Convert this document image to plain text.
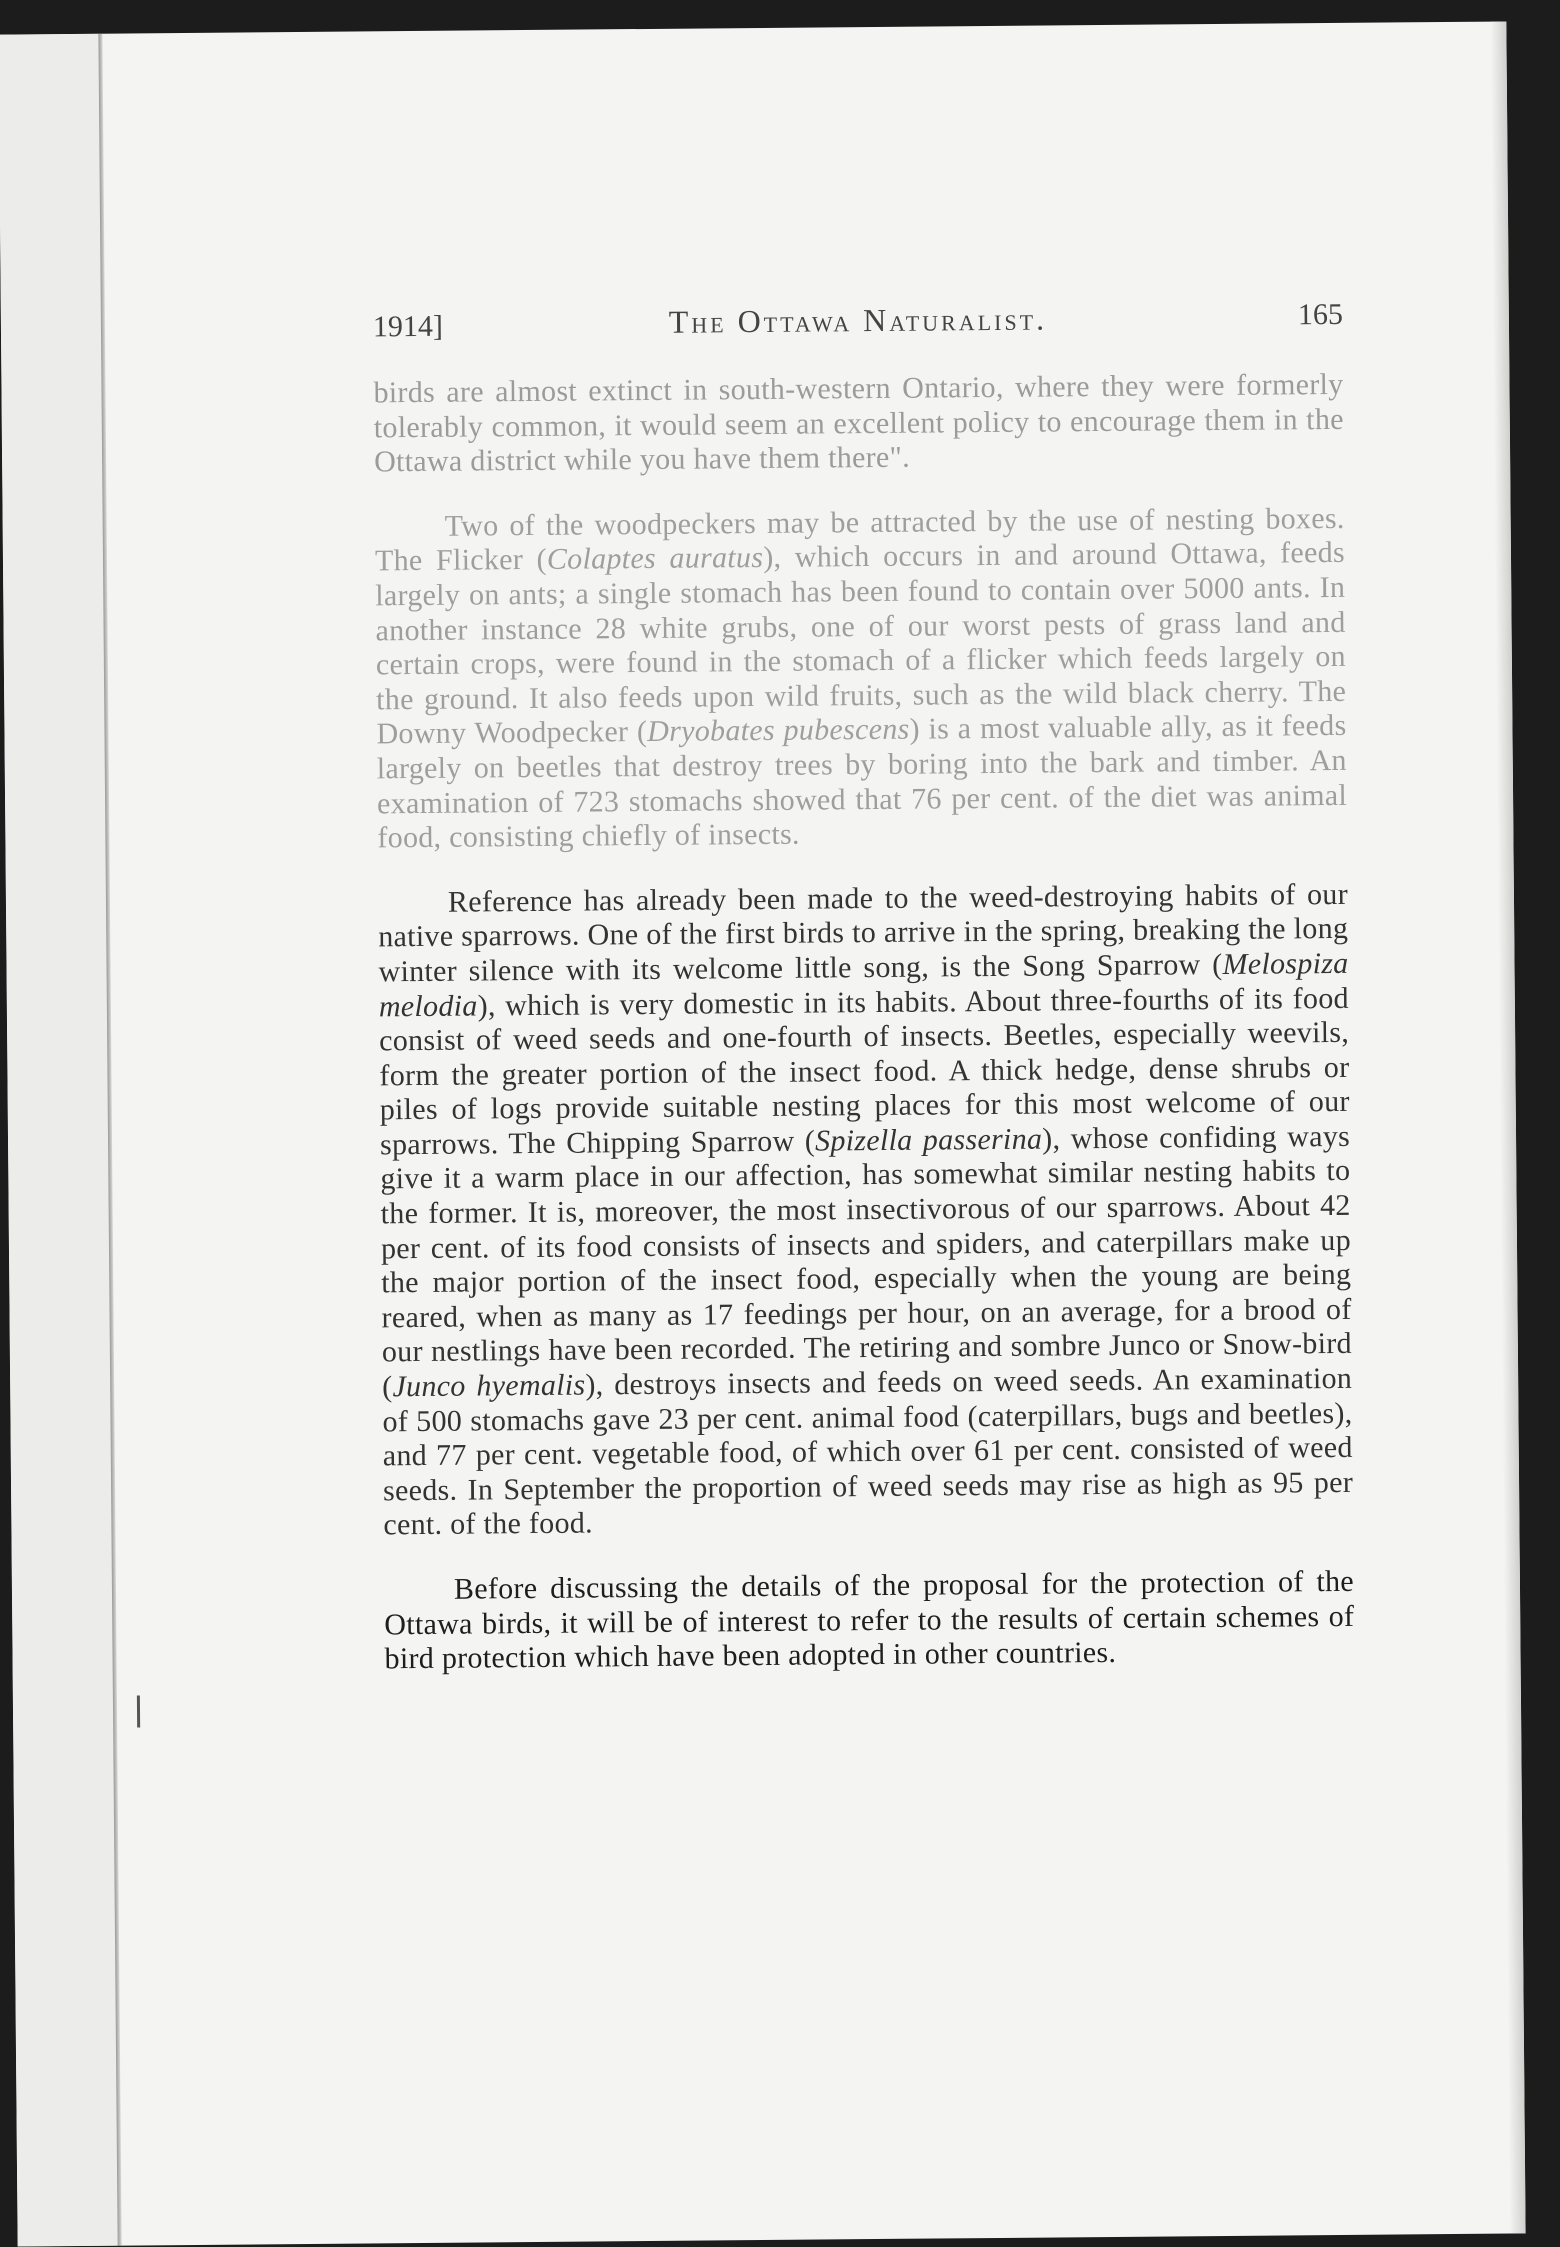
1914]	The Ottawa Naturalist.	165

birds are almost extinct in south-western Ontario, where they were formerly tolerably common, it would seem an excellent policy to encourage them in the Ottawa district while you have them there".

Two of the woodpeckers may be attracted by the use of nesting boxes. The Flicker (Colaptes auratus), which occurs in and around Ottawa, feeds largely on ants; a single stomach has been found to contain over 5000 ants. In another instance 28 white grubs, one of our worst pests of grass land and certain crops, were found in the stomach of a flicker which feeds largely on the ground. It also feeds upon wild fruits, such as the wild black cherry. The Downy Woodpecker (Dryobates pubescens) is a most valuable ally, as it feeds largely on beetles that destroy trees by boring into the bark and timber. An examination of 723 stomachs showed that 76 per cent. of the diet was animal food, consisting chiefly of insects.

Reference has already been made to the weed-destroying habits of our native sparrows. One of the first birds to arrive in the spring, breaking the long winter silence with its welcome little song, is the Song Sparrow (Melospiza melodia), which is very domestic in its habits. About three-fourths of its food consist of weed seeds and one-fourth of insects. Beetles, especially weevils, form the greater portion of the insect food. A thick hedge, dense shrubs or piles of logs provide suitable nesting places for this most welcome of our sparrows. The Chipping Sparrow (Spizella passerina), whose confiding ways give it a warm place in our affection, has somewhat similar nesting habits to the former. It is, moreover, the most insectivorous of our sparrows. About 42 per cent. of its food consists of insects and spiders, and caterpillars make up the major portion of the insect food, especially when the young are being reared, when as many as 17 feedings per hour, on an average, for a brood of our nestlings have been recorded. The retiring and sombre Junco or Snow-bird (Junco hyemalis), destroys insects and feeds on weed seeds. An examination of 500 stomachs gave 23 per cent. animal food (caterpillars, bugs and beetles), and 77 per cent. vegetable food, of which over 61 per cent. consisted of weed seeds. In September the proportion of weed seeds may rise as high as 95 per cent. of the food.

Before discussing the details of the proposal for the protection of the Ottawa birds, it will be of interest to refer to the results of certain schemes of bird protection which have been adopted in other countries.
